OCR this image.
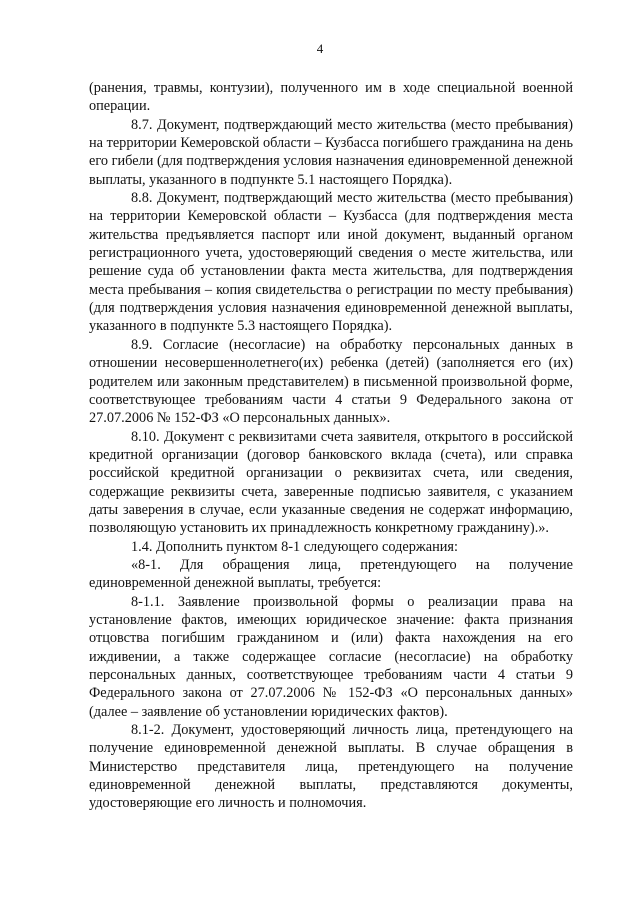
4

(ранения, травмы, контузии), полученного им в ходе специальной военной операции.

8.7. Документ, подтверждающий место жительства (место пребывания) на территории Кемеровской области – Кузбасса погибшего гражданина на день его гибели (для подтверждения условия назначения единовременной денежной выплаты, указанного в подпункте 5.1 настоящего Порядка).

8.8. Документ, подтверждающий место жительства (место пребывания) на территории Кемеровской области – Кузбасса (для подтверждения места жительства предъявляется паспорт или иной документ, выданный органом регистрационного учета, удостоверяющий сведения о месте жительства, или решение суда об установлении факта места жительства, для подтверждения места пребывания – копия свидетельства о регистрации по месту пребывания) (для подтверждения условия назначения единовременной денежной выплаты, указанного в подпункте 5.3 настоящего Порядка).

8.9. Согласие (несогласие) на обработку персональных данных в отношении несовершеннолетнего(их) ребенка (детей) (заполняется его (их) родителем или законным представителем) в письменной произвольной форме, соответствующее требованиям части 4 статьи 9 Федерального закона от 27.07.2006 № 152-ФЗ «О персональных данных».

8.10. Документ с реквизитами счета заявителя, открытого в российской кредитной организации (договор банковского вклада (счета), или справка российской кредитной организации о реквизитах счета, или сведения, содержащие реквизиты счета, заверенные подписью заявителя, с указанием даты заверения в случае, если указанные сведения не содержат информацию, позволяющую установить их принадлежность конкретному гражданину).».

1.4. Дополнить пунктом 8-1 следующего содержания:

«8-1. Для обращения лица, претендующего на получение единовременной денежной выплаты, требуется:

8-1.1. Заявление произвольной формы о реализации права на установление фактов, имеющих юридическое значение: факта признания отцовства погибшим гражданином и (или) факта нахождения на его иждивении, а также содержащее согласие (несогласие) на обработку персональных данных, соответствующее требованиям части 4 статьи 9 Федерального закона от 27.07.2006 № 152-ФЗ «О персональных данных» (далее – заявление об установлении юридических фактов).

8.1-2. Документ, удостоверяющий личность лица, претендующего на получение единовременной денежной выплаты. В случае обращения в Министерство представителя лица, претендующего на получение единовременной денежной выплаты, представляются документы, удостоверяющие его личность и полномочия.
